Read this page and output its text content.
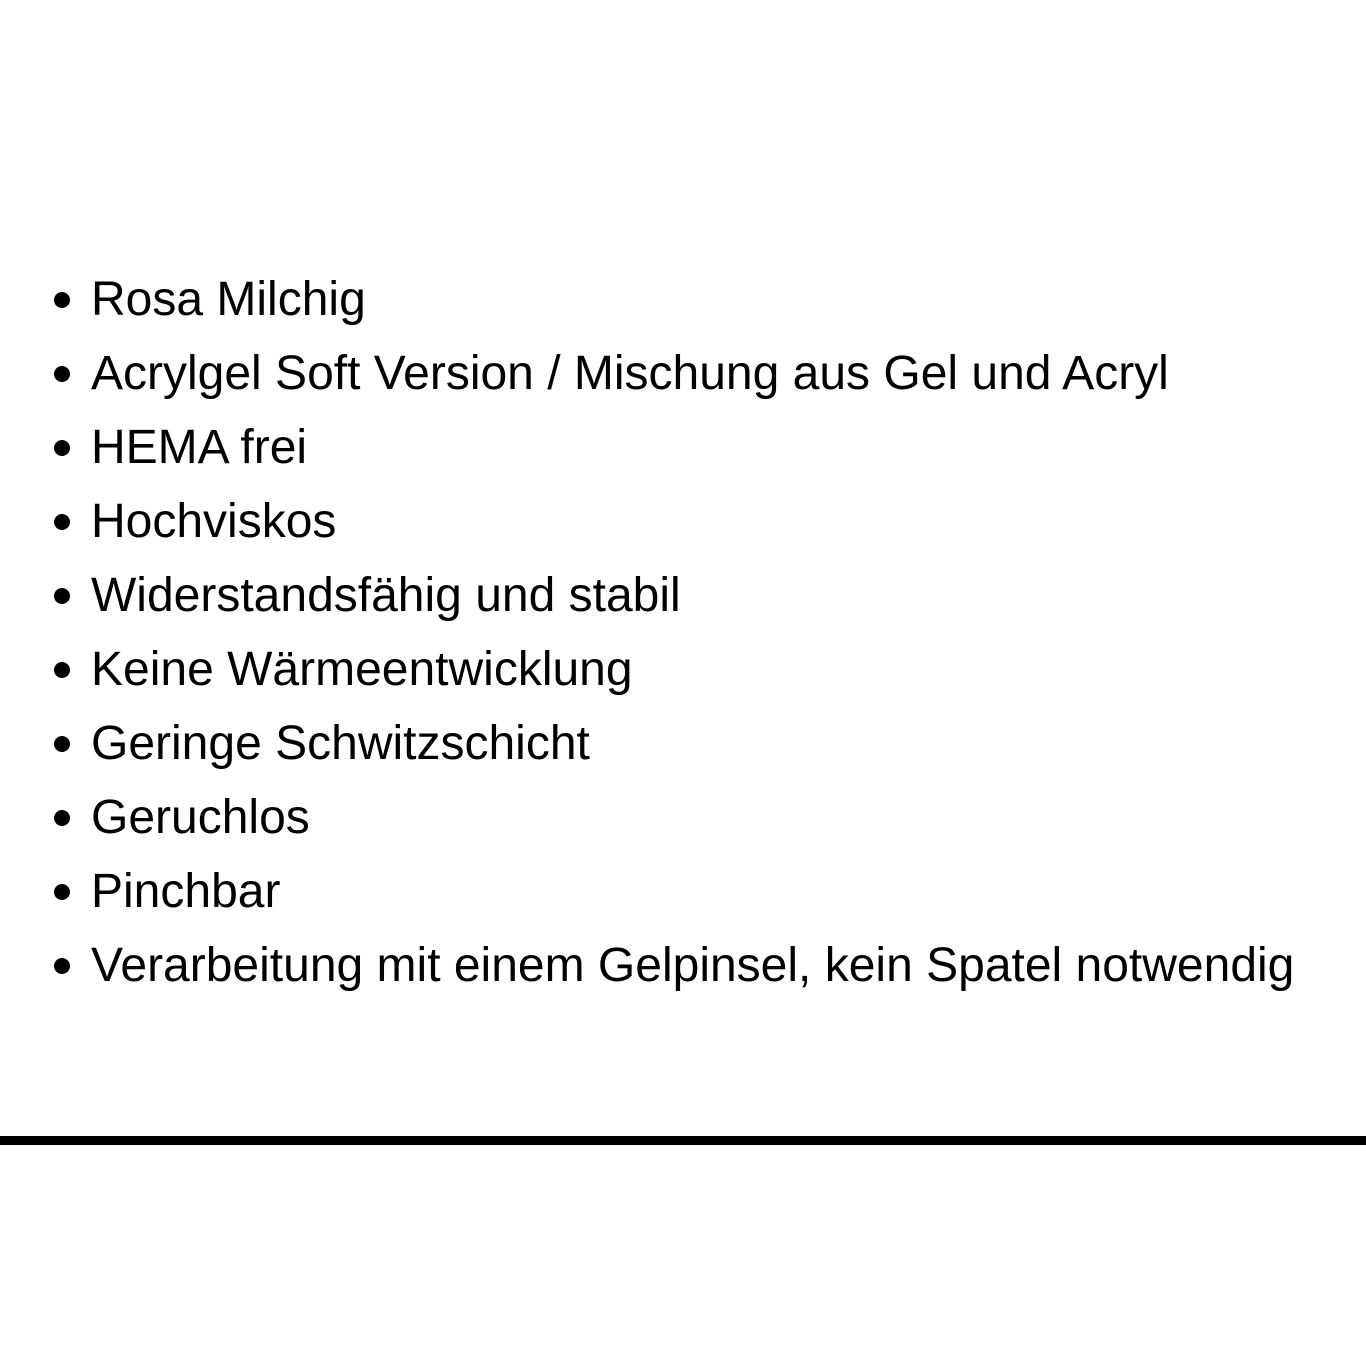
Rosa Milchig
Acrylgel Soft Version / Mischung aus Gel und Acryl
HEMA frei
Hochviskos
Widerstandsfähig und stabil
Keine Wärmeentwicklung
Geringe Schwitzschicht
Geruchlos
Pinchbar
Verarbeitung mit einem Gelpinsel, kein Spatel notwendig
